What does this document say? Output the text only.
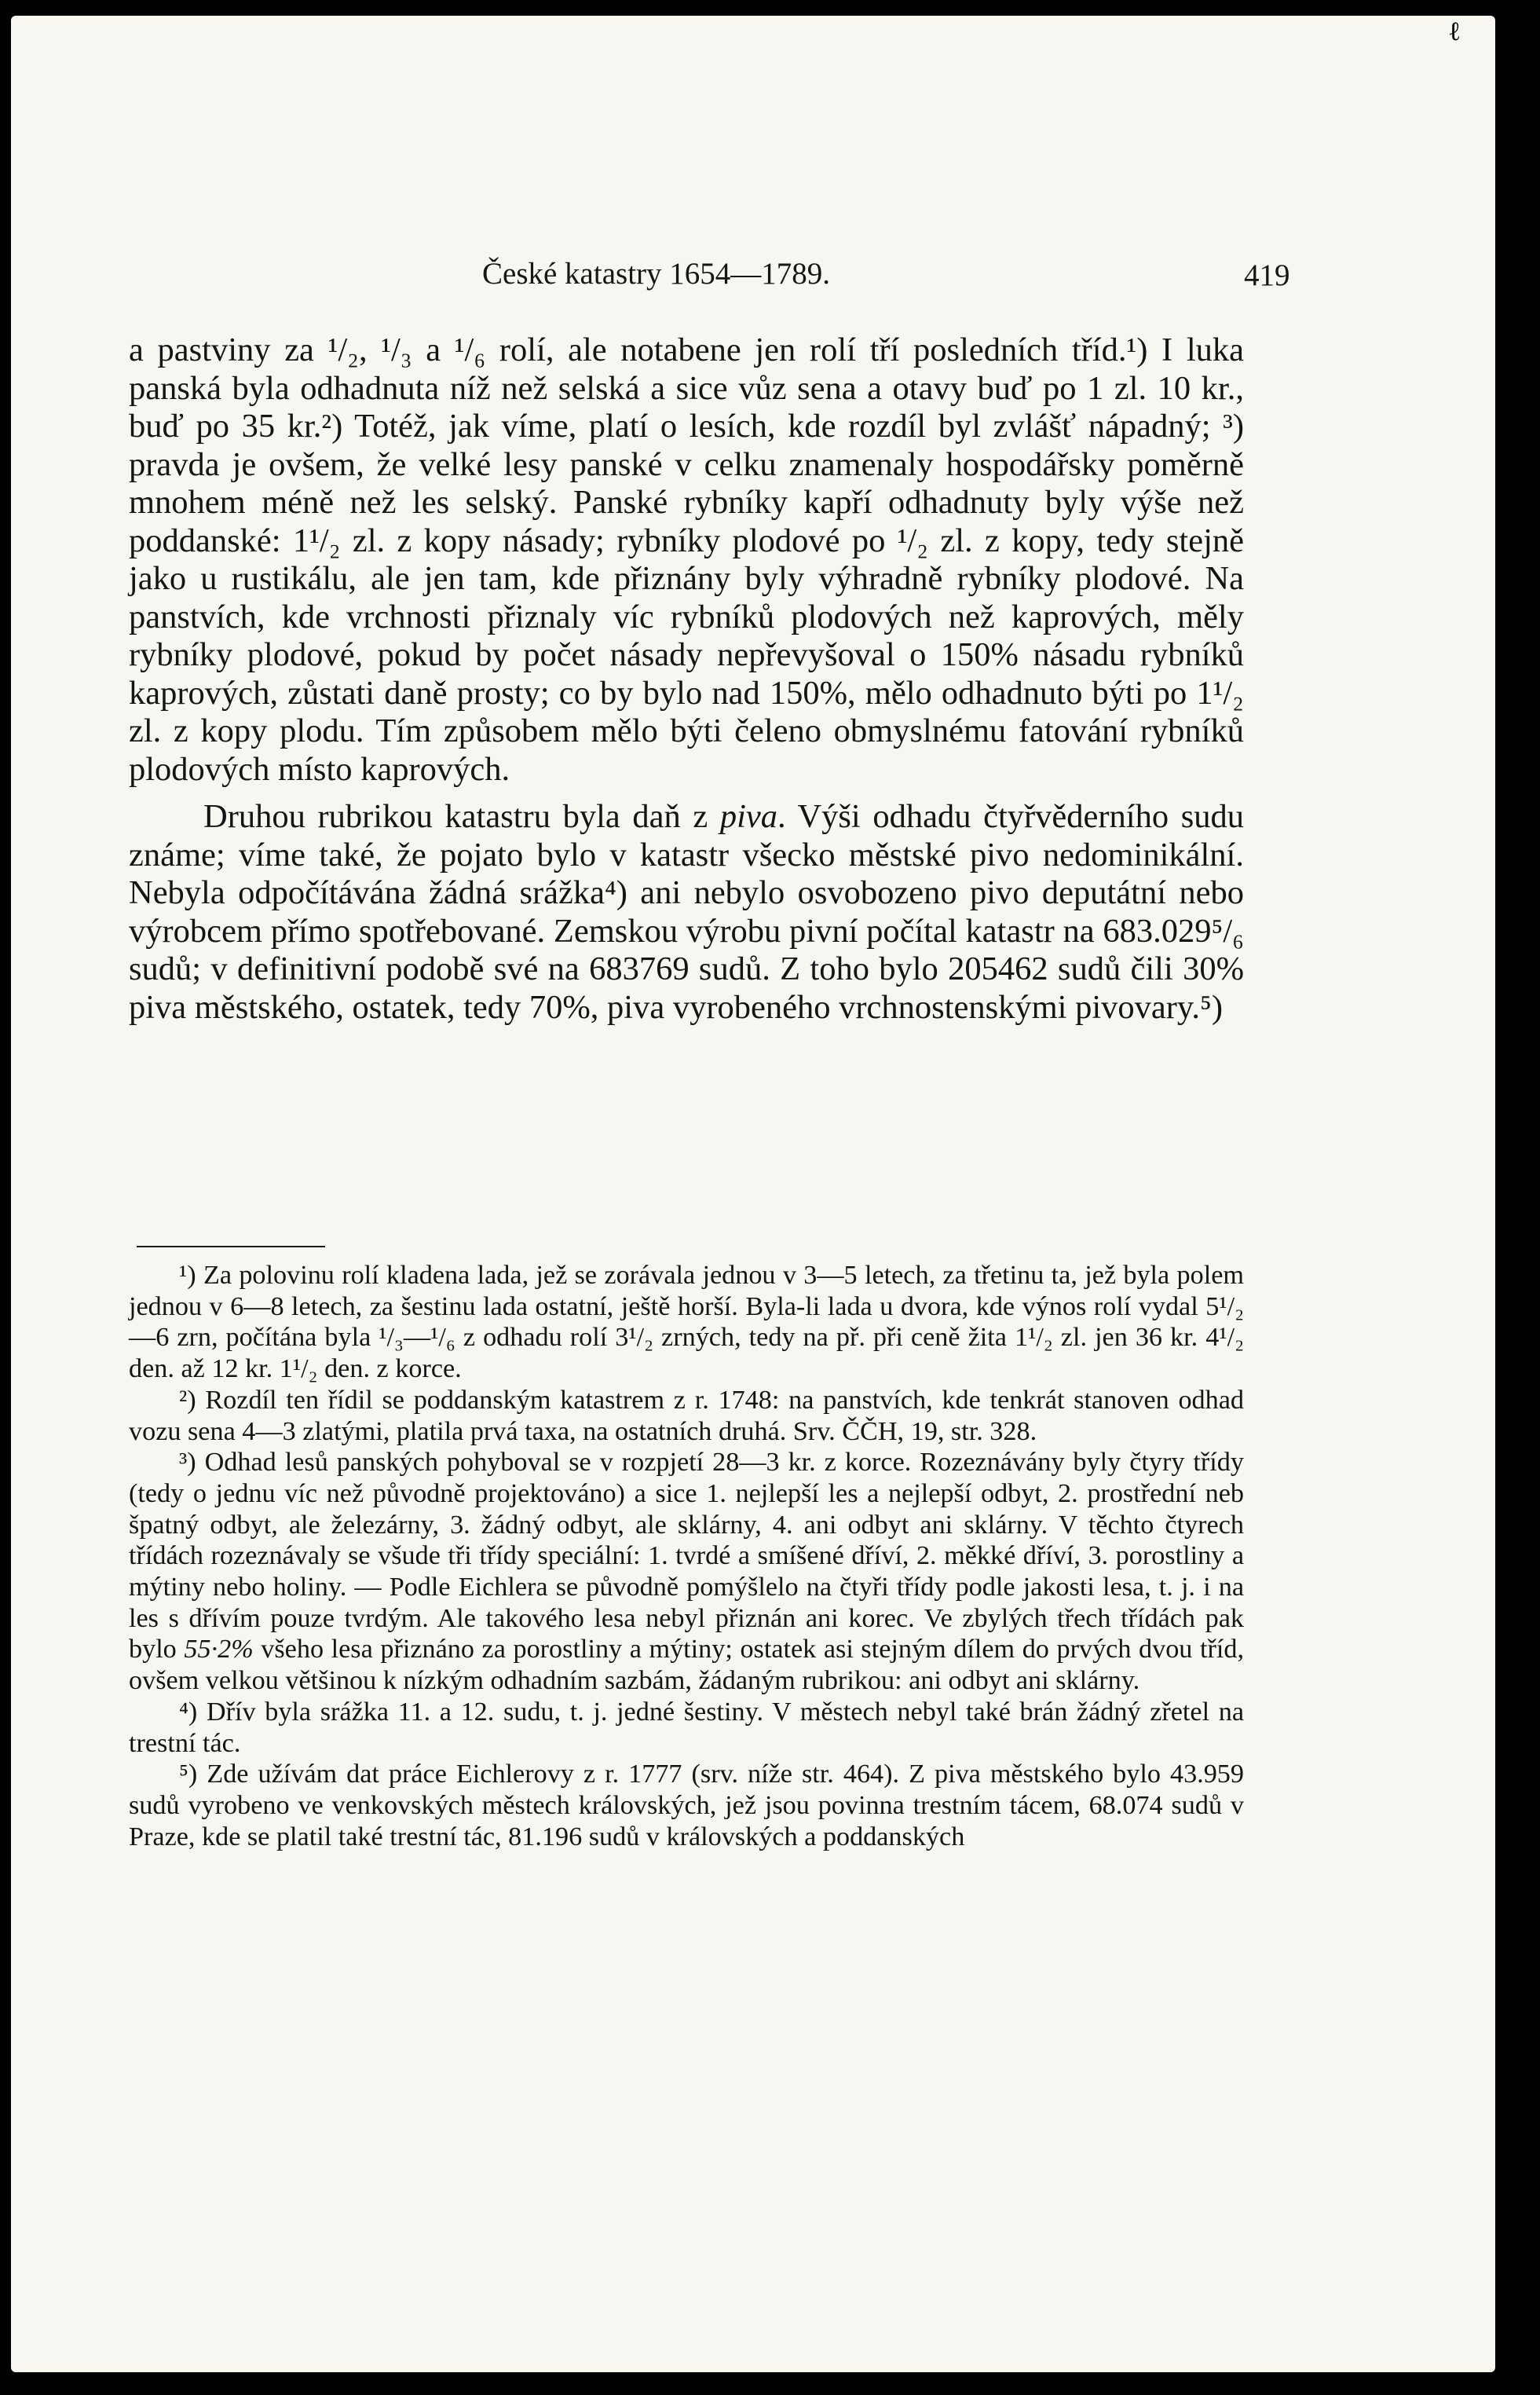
ℓ
České katastry 1654—1789.	419

a pastviny za ¹/₂, ¹/₃ a ¹/₆ rolí, ale notabene jen rolí tří posledních tříd.¹) I luka panská byla odhadnuta níž než selská a sice vůz sena a otavy buď po 1 zl. 10 kr., buď po 35 kr.²) Totéž, jak víme, platí o lesích, kde rozdíl byl zvlášť nápadný; ³) pravda je ovšem, že velké lesy panské v celku znamenaly hospodářsky poměrně mnohem méně než les selský. Panské rybníky kapří odhadnuty byly výše než poddanské: 1¹/₂ zl. z kopy násady; rybníky plodové po ¹/₂ zl. z kopy, tedy stejně jako u rustikálu, ale jen tam, kde přiznány byly výhradně rybníky plodové. Na panstvích, kde vrchnosti přiznaly víc rybníků plodových než kaprových, měly rybníky plodové, pokud by počet násady nepřevyšoval o 150% násadu rybníků kaprových, zůstati daně prosty; co by bylo nad 150%, mělo odhadnuto býti po 1¹/₂ zl. z kopy plodu. Tím způsobem mělo býti čeleno obmyslnému fatování rybníků plodových místo kaprových.

Druhou rubrikou katastru byla daň z piva. Výši odhadu čtyřvěderního sudu známe; víme také, že pojato bylo v katastr všecko městské pivo nedominikální. Nebyla odpočítávána žádná srážka⁴) ani nebylo osvobozeno pivo deputátní nebo výrobcem přímo spotřebované. Zemskou výrobu pivní počítal katastr na 683.029⁵/₆ sudů; v definitivní podobě své na 683769 sudů. Z toho bylo 205462 sudů čili 30% piva městského, ostatek, tedy 70%, piva vyrobeného vrchnostenskými pivovary.⁵)

¹) Za polovinu rolí kladena lada, jež se zorávala jednou v 3—5 letech, za třetinu ta, jež byla polem jednou v 6—8 letech, za šestinu lada ostatní, ještě horší. Byla-li lada u dvora, kde výnos rolí vydal 5¹/₂—6 zrn, počítána byla ¹/₃—¹/₆ z odhadu rolí 3¹/₂ zrných, tedy na př. při ceně žita 1¹/₂ zl. jen 36 kr. 4¹/₂ den. až 12 kr. 1¹/₂ den. z korce.

²) Rozdíl ten řídil se poddanským katastrem z r. 1748: na panstvích, kde tenkrát stanoven odhad vozu sena 4—3 zlatými, platila prvá taxa, na ostatních druhá. Srv. ČČH, 19, str. 328.

³) Odhad lesů panských pohyboval se v rozpjetí 28—3 kr. z korce. Rozeznávány byly čtyry třídy (tedy o jednu víc než původně projektováno) a sice 1. nejlepší les a nejlepší odbyt, 2. prostřední neb špatný odbyt, ale železárny, 3. žádný odbyt, ale sklárny, 4. ani odbyt ani sklárny. V těchto čtyrech třídách rozeznávaly se všude tři třídy speciální: 1. tvrdé a smíšené dříví, 2. měkké dříví, 3. porostliny a mýtiny nebo holiny. — Podle Eichlera se původně pomýšlelo na čtyři třídy podle jakosti lesa, t. j. i na les s dřívím pouze tvrdým. Ale takového lesa nebyl přiznán ani korec. Ve zbylých třech třídách pak bylo 55·2% všeho lesa přiznáno za porostliny a mýtiny; ostatek asi stejným dílem do prvých dvou tříd, ovšem velkou většinou k nízkým odhadním sazbám, žádaným rubrikou: ani odbyt ani sklárny.

⁴) Dřív byla srážka 11. a 12. sudu, t. j. jedné šestiny. V městech nebyl také brán žádný zřetel na trestní tác.

⁵) Zde užívám dat práce Eichlerovy z r. 1777 (srv. níže str. 464). Z piva městského bylo 43.959 sudů vyrobeno ve venkovských městech královských, jež jsou povinna trestním tácem, 68.074 sudů v Praze, kde se platil také trestní tác, 81.196 sudů v královských a poddanských
